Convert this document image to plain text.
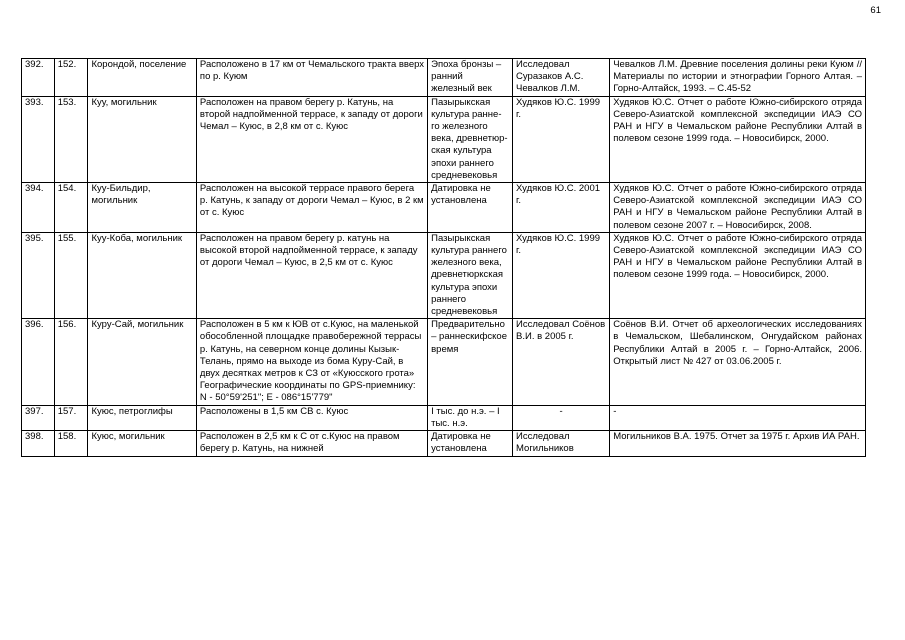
61
392.	152.	Корондой, поселение	Расположено в 17 км от Чемальского тракта вверх по р. Куюм	Эпоха бронзы – ранний железный век	Исследовал Суразаков А.С. Чевалков Л.М.	Чевалков Л.М. Древние поселения долины реки Куюм // Материалы по истории и этнографии Горного Алтая. – Горно-Алтайск, 1993. – С.45-52
393.	153.	Куу, могильник	Расположен на правом берегу р. Катунь, на второй надпойменной террасе, к западу от дороги Чемал – Куюс, в 2,8 км от с. Куюс	Пазырыкская культура ранне-го железного века, древнетюр-ская культура эпохи раннего средневековья	Худяков Ю.С. 1999 г.	Худяков Ю.С. Отчет о работе Южно-сибирского отряда Северо-Азиатской комплексной экспедиции ИАЭ СО РАН и НГУ в Чемальском районе Республики Алтай в полевом сезоне 1999 года. – Новосибирск, 2000.
394.	154.	Куу-Бильдир, могильник	Расположен на высокой террасе правого берега р. Катунь, к западу от дороги Чемал – Куюс, в 2 км от с. Куюс	Датировка не установлена	Худяков Ю.С. 2001 г.	Худяков Ю.С. Отчет о работе Южно-сибирского отряда Северо-Азиатской комплексной экспедиции ИАЭ СО РАН и НГУ в Чемальском районе Республики Алтай в полевом сезоне 2007 г. – Новосибирск, 2008.
395.	155.	Куу-Коба, могильник	Расположен на правом берегу р. катунь на высокой второй надпойменной террасе, к западу от дороги Чемал – Куюс, в 2,5 км от с. Куюс	Пазырыкская культура раннего железного века, древнетюркская культура эпохи раннего средневековья	Худяков Ю.С. 1999 г.	Худяков Ю.С. Отчет о работе Южно-сибирского отряда Северо-Азиатской комплексной экспедиции ИАЭ СО РАН и НГУ в Чемальском районе Республики Алтай в полевом сезоне 1999 года. – Новосибирск, 2000.
396.	156.	Куру-Сай, могильник	Расположен в 5 км к ЮВ от с.Куюс, на маленькой обособленной площадке правобережной террасы р. Катунь, на северном конце долины Кызык-Телань, прямо на выходе из бома Куру-Сай, в двух десятках метров к СЗ от «Куюсского грота» Географические координаты по GPS-приемнику: N - 50°59'251"; E - 086°15'779"	Предварительно – раннескифское время	Исследовал Соёнов В.И. в 2005 г.	Соёнов В.И. Отчет об археологических исследованиях в Чемальском, Шебалинском, Онгудайском районах Республики Алтай в 2005 г. – Горно-Алтайск, 2006. Открытый лист № 427 от 03.06.2005 г.
397.	157.	Куюс, петроглифы	Расположены в 1,5 км СВ с. Куюс	I тыс. до н.э. – I тыс. н.э.	-	-
398.	158.	Куюс, могильник	Расположен в 2,5 км к С от с.Куюс на правом берегу р. Катунь, на нижней	Датировка не установлена	Исследовал Могильников	Могильников В.А. 1975. Отчет за 1975 г. Архив ИА РАН.
